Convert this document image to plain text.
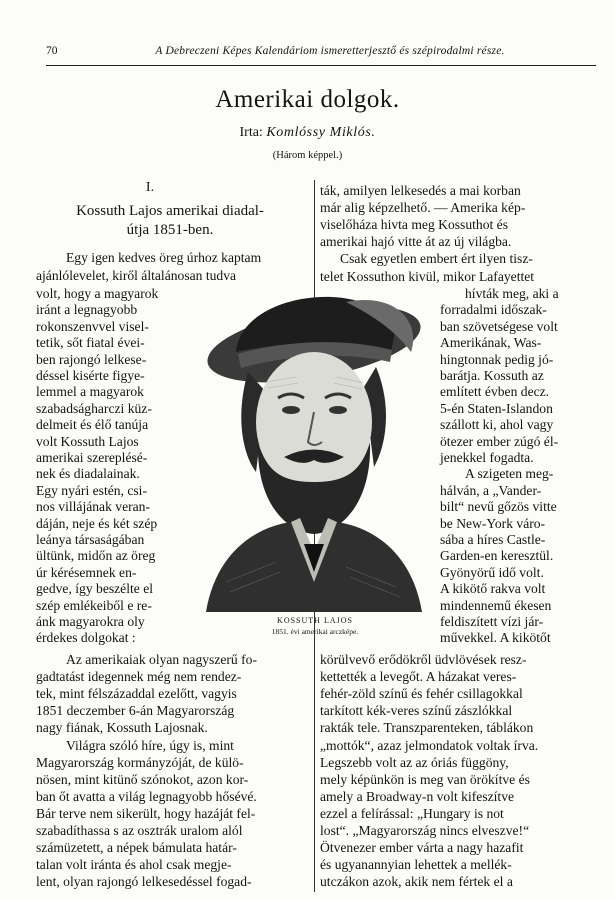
70	A Debreczeni Képes Kalendáriom ismeretterjesztő és szépirodalmi része.
Amerikai dolgok.
Irta: Komlóssy Miklós.
(Három képpel.)
I.
Kossuth Lajos amerikai diadal-
útja 1851-ben.
Egy igen kedves öreg úrhoz kaptam
ajánlólevelet, kiről általánosan tudva
volt, hogy a magyarok
iránt a legnagyobb
rokonszenvvel visel-
tetik, sőt fiatal évei-
ben rajongó lelkese-
déssel kisérte figye-
lemmel a magyarok
szabadságharczi küz-
delmeit és élő tanúja
volt Kossuth Lajos
amerikai szereplésé-
nek és diadalainak.
Egy nyári estén, csi-
nos villájának veran-
dáján, neje és két szép
leánya társaságában
ültünk, midőn az öreg
úr kérésemnek en-
gedve, így beszélte el
szép emlékeiből e re-
ánk magyarokra oly
érdekes dolgokat :
Az amerikaiak olyan nagyszerű fo-
gadtatást idegennek még nem rendez-
tek, mint félszázaddal ezelőtt, vagyis
1851 deczember 6-án Magyarország
nagy fiának, Kossuth Lajosnak.
Világra szóló híre, úgy is, mint
Magyarország kormányzóját, de külö-
nösen, mint kitünő szónokot, azon kor-
ban őt avatta a világ legnagyobb hősévé.
Bár terve nem sikerült, hogy hazáját fel-
szabadíthassa s az osztrák uralom alól
számüzetett, a népek bámulata határ-
talan volt iránta és ahol csak megje-
lent, olyan rajongó lelkesedéssel fogad-
ták, amilyen lelkesedés a mai korban
már alig képzelhető. — Amerika kép-
viselőháza hivta meg Kossuthot és
amerikai hajó vitte át az új világba.
Csak egyetlen embert ért ilyen tisz-
telet Kossuthon kivül, mikor Lafayettet
hívták meg, aki a
forradalmi időszak-
ban szövetségese volt
Amerikának, Was-
hingtonnak pedig jó-
barátja. Kossuth az
említett évben decz.
5-én Staten-Islandon
szállott ki, ahol vagy
ötezer ember zúgó él-
jenekkel fogadta.
A szigeten meg-
hálván, a „Vander-
bilt“ nevű gőzös vitte
be New-York váro-
sába a híres Castle-
Garden-en keresztül.
Gyönyörű idő volt.
A kikötő rakva volt
mindennemű ékesen
feldiszített vízi jár-
művekkel. A kikötőt
körülvevő erődökről üdvlövések resz-
kettették a levegőt. A házakat veres-
fehér-zöld színű és fehér csillagokkal
tarkított kék-veres színű zászlókkal
rakták tele. Transzparenteken, táblákon
„mottók“, azaz jelmondatok voltak írva.
Legszebb volt az az óriás függöny,
mely képünkön is meg van örökítve és
amely a Broadway-n volt kifeszítve
ezzel a felírással: „Hungary is not
lost“. „Magyarország nincs elveszve!“
Ötvenezer ember várta a nagy hazafit
és ugyanannyian lehettek a mellék-
utczákon azok, akik nem fértek el a
KOSSUTH LAJOS
1851. évi amerikai arczképe.
